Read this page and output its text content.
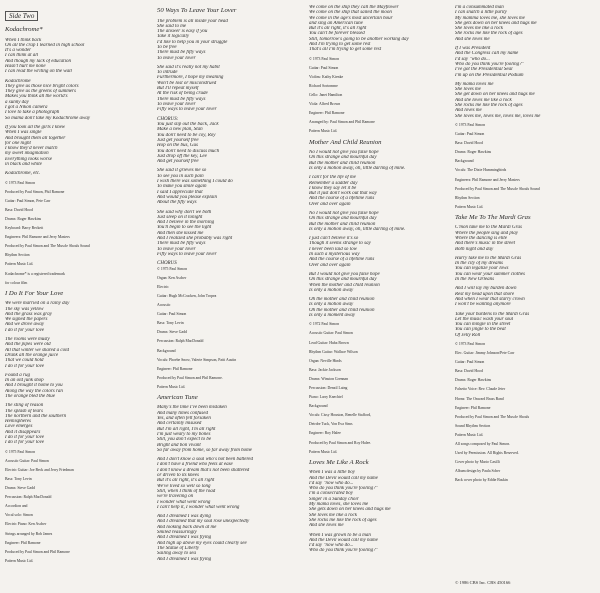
Side Two
Kodachrome*
When I think back
On all the crap I learned in high school
It's a wonder
I can think at all
And though my lack of education
Hasn't hurt me none
I can read the writing on the wall
Kodachrome
They give us those nice bright colors
They give us the greens of summers
Makes you think all the world's
a sunny day
I got a Nikon camera
I love to take a photograph
So mama don't take my Kodachrome away
If you took all the girls I knew
When I was single
And brought them all together
for one night
I know they'd never match
my sweet imagination
Everything looks worse
in black and white
Kodachrome, etc.
© 1973 Paul Simon
Produced by Paul Simon, Phil Ramone
Guitar: Paul Simon, Pete Carr
Bass: David Hood
Drums: Roger Hawkins
Keyboard: Barry Beckett
Engineers: Phil Ramone and Jerry Masters
Produced by Paul Simon and The Muscle Shoals Sound
Rhythm Section
Pattern Music Ltd.
Kodachrome* is a registered trademark
for colour film
I Do It For Your Love
We were married on a rainy day
The sky was yellow
And the grass was gray
We signed the papers
And we drove away
I do it for your love
The rooms were musty
And the pipes were old
All that winter we shared a cold
Drank all the orange juice
That we could hold
I do it for your love
Found a rug
In an old junk shop
And I brought it home to you
Along the way the colors ran
The orange bled the blue
The sting of reason
The splash of tears
The northern and the southern
Hemispheres
Love emerges
And it disappears
I do it for your love
I do it for your love
© 1975 Paul Simon
Acoustic Guitar: Paul Simon
Electric Guitar: Joe Beck and Jerry Friedman
Bass: Tony Levin
Drums: Steve Gadd
Percussion: Ralph MacDonald
Accordion and
Vocal solo: Simon
Electric Piano: Ken Ascher
Strings arranged by Bob James
Engineer: Phil Ramone
Produced by Paul Simon and Phil Ramone
Pattern Music Ltd.
50 Ways To Leave Your Lover
The problem is all inside your head
She said to me
The answer is easy if you
Take it logically
I'd like to help you in your struggle
To be free
There must be fifty ways
To leave your lover
She said it's really not my habit
To intrude
Furthermore, I hope my meaning
Won't be lost or misconstrued
But I'll repeat myself
At the risk of being crude
There must be fifty ways
To leave your lover
Fifty ways to leave your lover
CHORUS:
You just slip out the back, Jack
Make a new plan, Stan
You don't need to be coy, Roy
Just get yourself free
Hop on the bus, Gus
You don't need to discuss much
Just drop off the key, Lee
And get yourself free
She said it grieves me so
To see you in such pain
I wish there was something I could do
To make you smile again
I said I appreciate that
And would you please explain
About the fifty ways
She said why don't we both
Just sleep on it tonight
And I believe in the morning
You'll begin to see the light
And then she kissed me
And I realized she probably was right
There must be fifty ways
To leave your lover
Fifty ways to leave your lover
CHORUS
© 1975 Paul Simon
Organ: Ken Ascher
Electric
Guitar: Hugh McCracken, John Tropea
Acoustic
Guitar: Paul Simon
Bass: Tony Levin
Drums: Steve Gadd
Percussion: Ralph MacDonald
Background
Vocals: Phoebe Snow, Valerie Simpson, Patti Austin
Engineer: Phil Ramone
Produced by Paul Simon and Phil Ramone.
Pattern Music Ltd.
American Tune
Many's the time I've been mistaken
And many times confused
Yes, and often felt forsaken
And certainly misused
But I'm all right, I'm all right
I'm just weary to my bones
Still, you don't expect to be
Bright and bon vivant
So far away from home, so far away from home
And I don't know a soul who's not been battered
I don't have a friend who feels at ease
I don't know a dream that's not been shattered
or driven to its knees
But it's all right, it's all right
We've lived so well so long
Still, when I think of the road
we're traveling on
I wonder what went wrong
I can't help it, I wonder what went wrong
And I dreamed I was dying
And I dreamed that my soul rose unexpectedly
And looking back down at me
Smiled reassuringly
And I dreamed I was flying
And high up above my eyes could clearly see
The Statue of Liberty
Sailing away to sea
And I dreamed I was flying
We come on the ship they call the Mayflower
We come on the ship that sailed the moon
We come in the age's most uncertain hour
and sing an American tune
But it's all right, it's all right
You can't be forever blessed
Still, tomorrow's going to be another working day
And I'm trying to get some rest
That's all I'm trying to get some rest
© 1973 Paul Simon
Guitar: Paul Simon
Violins: Kathy Kienke
Richard Sortomme
Cello: Janet Hamilton
Viola: Alfred Brown
Engineer: Phil Ramone
Arranged by: Paul Simon and Phil Ramone
Pattern Music Ltd.
Mother And Child Reunion
No I would not give you false hope
On this strange and mournful day
But the mother and child reunion
Is only a motion away, oh, little darling of mine.
I can't for the life of me
Remember a sadder day
I know they say let it be
But it just don't work out that way
And the course of a lifetime runs
Over and over again
No I would not give you false hope
On this strange and mournful day
But the mother and child reunion
Is only a motion away, oh, little darling of mine.
I just can't believe it's so
Though it seems strange to say
I never been laid so low
In such a mysterious way
And the course of a lifetime runs
Over and over again
But I would not give you false hope
On this strange and mournful day
When the mother and child reunion
Is only a motion away
Oh the mother and child reunion
Is only a motion away
Oh the mother and child reunion
Is only a moment away
© 1972 Paul Simon
Acoustic Guitar: Paul Simon
Lead Guitar: Huba Brown
Rhythm Guitar: Wallace Wilson
Organ: Neville Hinds
Bass: Jackie Jackson
Drums: Winston Grennan
Percussion: Denzil Laing
Piano: Larry Knechtel
Background
Vocals: Cissy Houston, Renelle Stafford,
Deirdre Tuck, Von Eva Sims
Engineer: Roy Halee
Produced by Paul Simon and Roy Halee.
Pattern Music Ltd.
Loves Me Like A Rock
When I was a little boy
And the Devil would call my name
I'd say "now who do...
Who do you think you're fooling?"
I'm a consecrated boy
Singer in a Sunday choir
My mama loves, she loves me
She gets down on her knees and hugs me
She loves me like a rock
She rocks me like the rock of ages
And she loves me
When I was grown to be a man
And the Devil would call my name
I'd say "now who do...
Who do you think you're fooling?"
I'm a consummated man
I can snatch a little purity
My mamma loves me, she loves me
She gets down on her knees and hugs me
She loves me like a rock
She rocks me like the rock of ages
And she loves me
If I was President
And the Congress call my name
I'd say "who do...
Who do you think you're fooling?"
I've got the Presidential Seal
I'm up on the Presidential Podium
My mama loves me
She loves me
She get down on her knees and hugs me
And she loves me like a rock
She rocks me like the rock of ages
And loves me
She loves me, loves me, loves me, loves me
© 1973 Paul Simon
Guitar: Paul Simon
Bass: David Hood
Drums: Roger Hawkins
Background
Vocals: The Dixie Hummingbirds
Engineers: Phil Ramone and Jerry Masters
Produced by Paul Simon and The Muscle Shoals Sound
Rhythm Section
Pattern Music Ltd.
Take Me To The Mardi Gras
C'mon take me to the Mardi Gras
Where the people sing and play
Where the dancing is elite
And there's music in the street
Both night and day
Hurry take me to the Mardi Gras
In the city of my dreams
You can legalize your lows
You can wear your summer clothes
In the New Orleans
And I will lay my burden down
Rest my head upon that shore
And when I wear that starry crown
I won't be wanting anymore
Take your burdens to the Mardi Gras
Let the music wash your soul
You can mingle in the street
You can jingle to the beat
Of Jelly Roll
© 1973 Paul Simon
Elec. Guitar: Jimmy Johnson/Pete Carr
Guitar: Paul Simon
Bass: David Hood
Drums: Roger Hawkins
Falsetto Voice: Rev. Claude Jeter
Horns: The Onward Brass Band
Engineer: Phil Ramone
Produced by Paul Simon and The Muscle Shoals
Sound Rhythm Section
Pattern Music Ltd.
All songs composed by Paul Simon.
Used by Permission. All Rights Reserved.
Cover photo by Mario Casilli
Album design by Paula Scher
Back cover photo by Eddie Baskin
© 1986 CBS Inc. CBS 450166
